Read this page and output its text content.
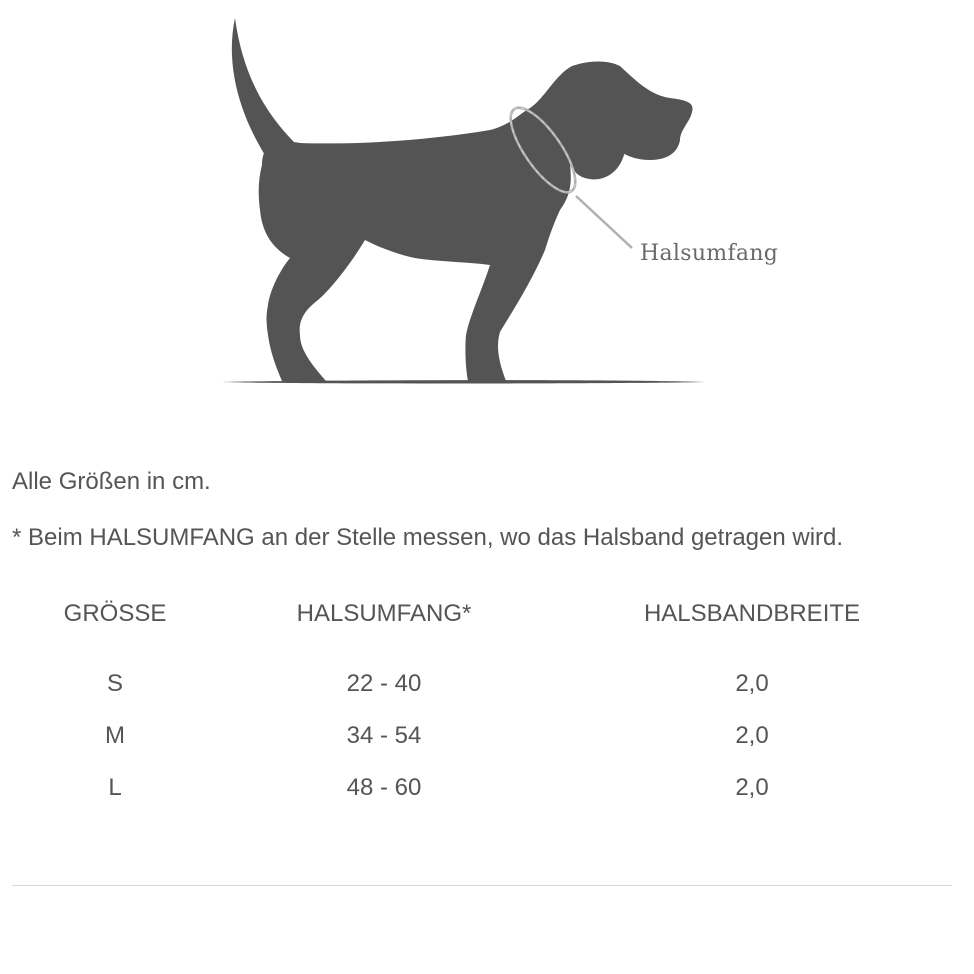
Halsumfang
Alle Größen in cm.
* Beim HALSUMFANG an der Stelle messen, wo das Halsband getragen wird.
GRÖSSE	HALSUMFANG*	HALSBANDBREITE
S	22 - 40	2,0
M	34 - 54	2,0
L	48 - 60	2,0
